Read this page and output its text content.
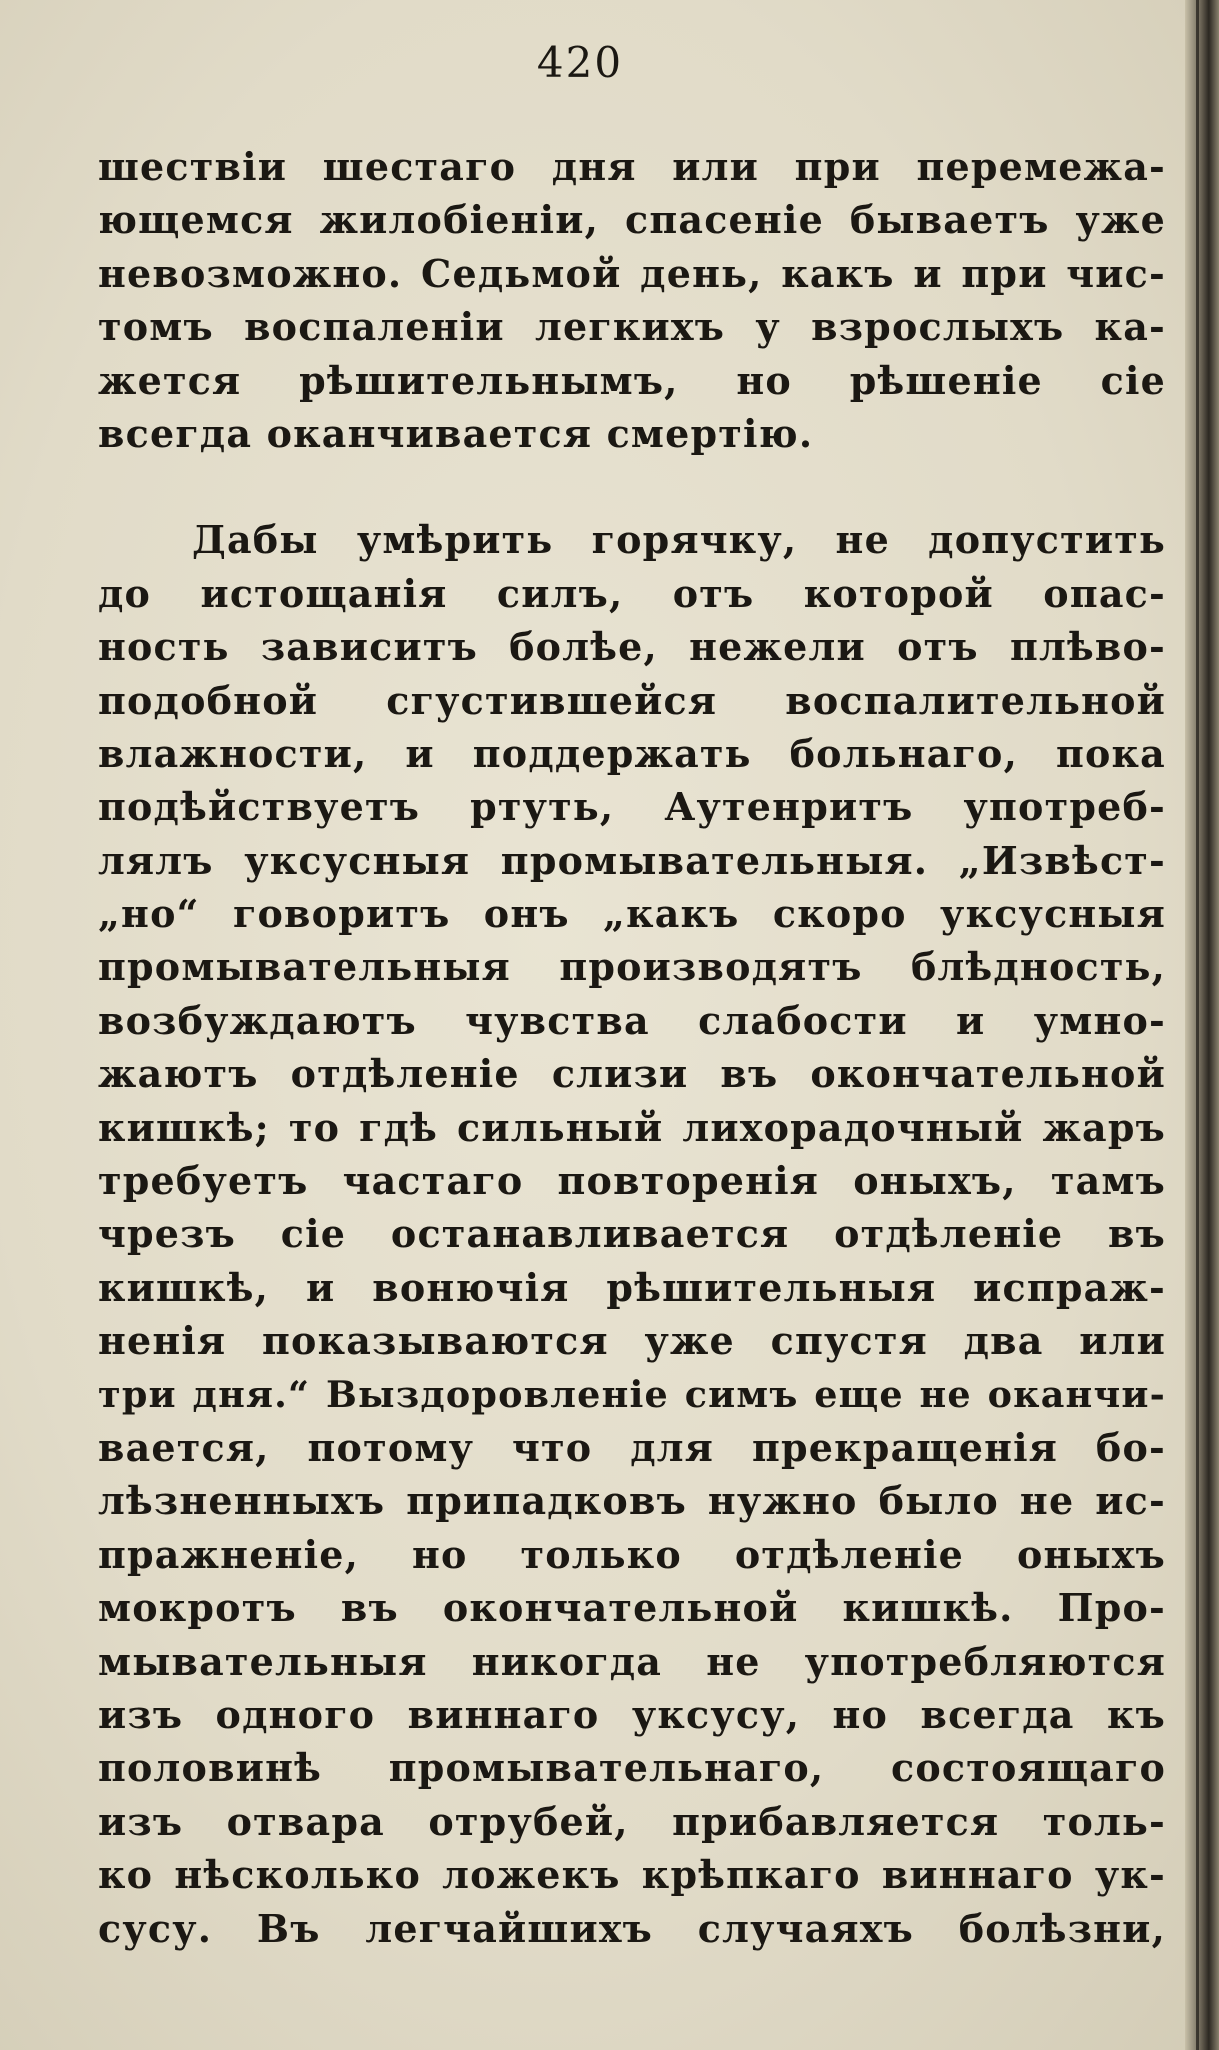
420
шествіи шестаго дня или при перемежа-
ющемся жилобіеніи, спасеніе бываетъ уже
невозможно. Седьмой день, какъ и при чис-
томъ воспаленіи легкихъ у взрослыхъ ка-
жется рѣшительнымъ, но рѣшеніе сіе
всегда оканчивается смертію.
Дабы умѣрить горячку, не допустить
до истощанія силъ, отъ которой опас-
ность зависитъ болѣе, нежели отъ плѣво-
подобной сгустившейся воспалительной
влажности, и поддержать больнаго, пока
подѣйствуетъ ртуть, Аутенритъ употреб-
лялъ уксусныя промывательныя. „Извѣст-
„но“ говоритъ онъ „какъ скоро уксусныя
промывательныя производятъ блѣдность,
возбуждаютъ чувства слабости и умно-
жаютъ отдѣленіе слизи въ окончательной
кишкѣ; то гдѣ сильный лихорадочный жаръ
требуетъ частаго повторенія оныхъ, тамъ
чрезъ сіе останавливается отдѣленіе въ
кишкѣ, и вонючія рѣшительныя испраж-
ненія показываются уже спустя два или
три дня.“ Выздоровленіе симъ еще не оканчи-
вается, потому что для прекращенія бо-
лѣзненныхъ припадковъ нужно было не ис-
пражненіе, но только отдѣленіе оныхъ
мокротъ въ окончательной кишкѣ. Про-
мывательныя никогда не употребляются
изъ одного виннаго уксусу, но всегда къ
половинѣ промывательнаго, состоящаго
изъ отвара отрубей, прибавляется толь-
ко нѣсколько ложекъ крѣпкаго виннаго ук-
сусу. Въ легчайшихъ случаяхъ болѣзни,
